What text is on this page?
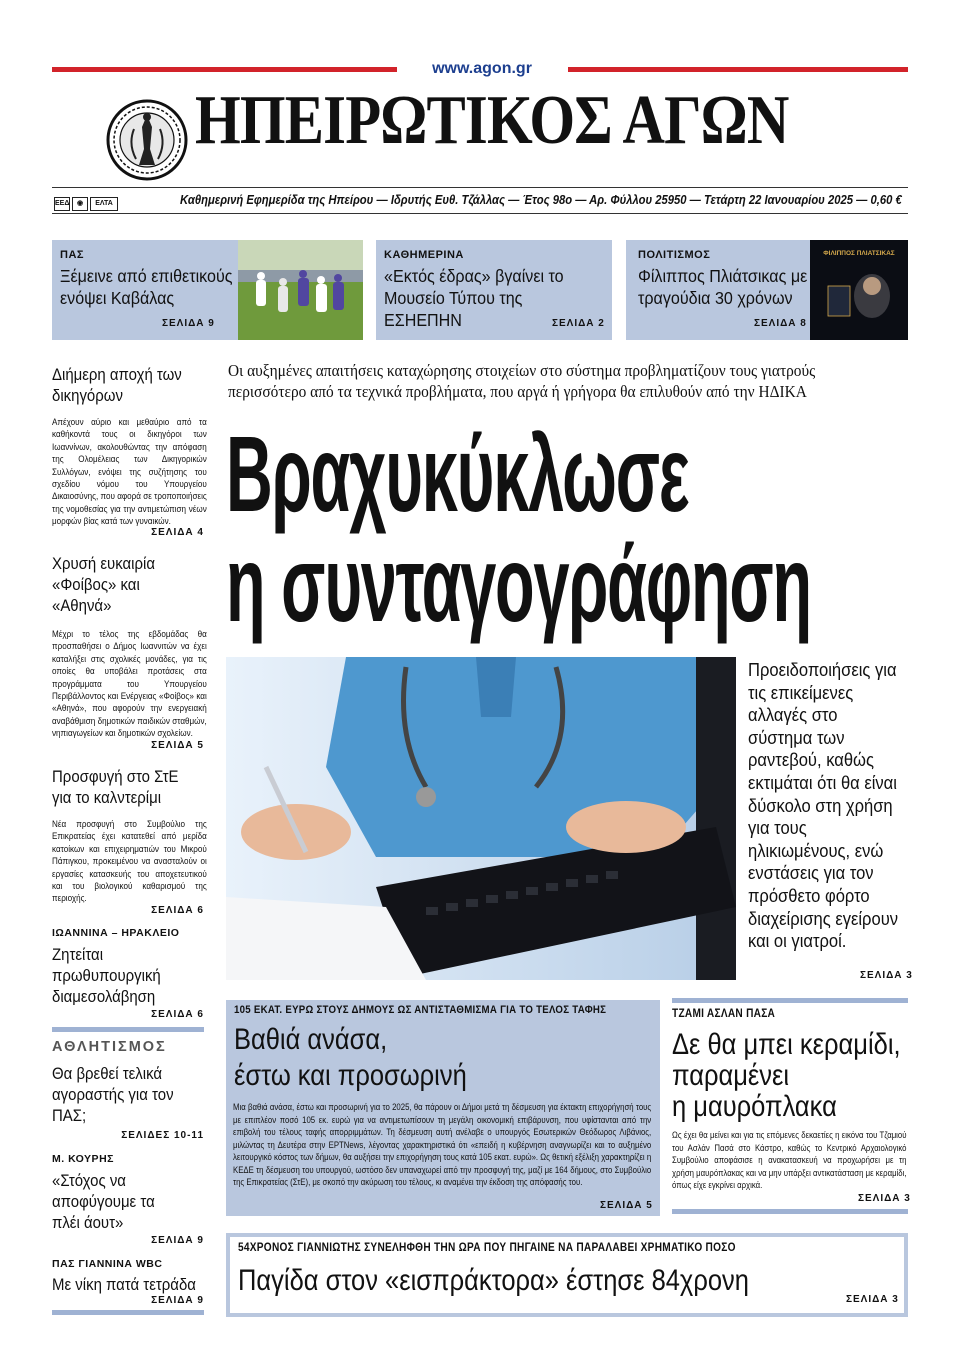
www.agon.gr
ΗΠΕΙΡΩΤΙΚΟΣ ΑΓΩΝ
ΕΕΔ ◉ ΕΛΤΑ	Καθημερινή Εφημερίδα της Ηπείρου — Ιδρυτής Ευθ. Τζάλλας — Έτος 98ο — Αρ. Φύλλου 25950 — Τετάρτη 22 Ιανουαρίου 2025 — 0,60 €
ΠΑΣ
Ξέμεινε από επιθετικούς ενόψει Καβάλας
ΣΕΛΙΔΑ 9
ΚΑΘΗΜΕΡΙΝΑ
«Εκτός έδρας» βγαίνει το Μουσείο Τύπου της ΕΣΗΕΠΗΝ	ΣΕΛΙΔΑ 2
ΠΟΛΙΤΙΣΜΟΣ
Φίλιππος Πλιάτσικας με τραγούδια 30 χρόνων
ΣΕΛΙΔΑ 8
ΦΙΛΙΠΠΟΣ ΠΛΙΑΤΣΙΚΑΣ
Διήμερη αποχή των δικηγόρων
Απέχουν αύριο και μεθαύριο από τα καθήκοντά τους οι δικηγόροι των Ιωαννίνων, ακολουθώντας την απόφαση της Ολομέλειας των Δικηγορικών Συλλόγων, ενόψει της συζήτησης του σχεδίου νόμου του Υπουργείου Δικαιοσύνης, που αφορά σε τροποποιήσεις της νομοθεσίας για την αντιμετώπιση νέων μορφών βίας κατά των γυναικών.
ΣΕΛΙΔΑ 4
Χρυσή ευκαιρία «Φοίβος» και «Αθηνά»
Μέχρι το τέλος της εβδομάδας θα προσπαθήσει ο Δήμος Ιωαννιτών να έχει καταλήξει στις σχολικές μονάδες, για τις οποίες θα υποβάλει προτάσεις στα προγράμματα του Υπουργείου Περιβάλλοντος και Ενέργειας «Φοίβος» και «Αθηνά», που αφορούν την ενεργειακή αναβάθμιση δημοτικών παιδικών σταθμών, νηπιαγωγείων και δημοτικών σχολείων.
ΣΕΛΙΔΑ 5
Προσφυγή στο ΣτΕ για το καλντερίμι
Νέα προσφυγή στο Συμβούλιο της Επικρατείας έχει κατατεθεί από μερίδα κατοίκων και επιχειρηματιών του Μικρού Πάπιγκου, προκειμένου να ανασταλούν οι εργασίες κατασκευής του αποχετευτικού και του βιολογικού καθαρισμού της περιοχής.
ΣΕΛΙΔΑ 6
ΙΩΑΝΝΙΝΑ – ΗΡΑΚΛΕΙΟ
Ζητείται πρωθυπουργική διαμεσολάβηση
ΣΕΛΙΔΑ 6
ΑΘΛΗΤΙΣΜΟΣ
Θα βρεθεί τελικά αγοραστής για τον ΠΑΣ;
ΣΕΛΙΔΕΣ 10-11
Μ. ΚΟΥΡΗΣ
«Στόχος να αποφύγουμε τα πλέι άουτ»
ΣΕΛΙΔΑ 9
ΠΑΣ ΓΙΑΝΝΙΝΑ WBC
Με νίκη πατά τετράδα
ΣΕΛΙΔΑ 9
Οι αυξημένες απαιτήσεις καταχώρησης στοιχείων στο σύστημα προβληματίζουν τους γιατρούς περισσότερο από τα τεχνικά προβλήματα, που αργά ή γρήγορα θα επιλυθούν από την ΗΔΙΚΑ
Βραχυκύκλωσε
η συνταγογράφηση
Προειδοποιήσεις για τις επικείμενες αλλαγές στο σύστημα των ραντεβού, καθώς εκτιμάται ότι θα είναι δύσκολο στη χρήση για τους ηλικιωμένους, ενώ ενστάσεις για τον πρόσθετο φόρτο διαχείρισης εγείρουν και οι γιατροί.
ΣΕΛΙΔΑ 3
105 ΕΚΑΤ. ΕΥΡΩ ΣΤΟΥΣ ΔΗΜΟΥΣ ΩΣ ΑΝΤΙΣΤΑΘΜΙΣΜΑ ΓΙΑ ΤΟ ΤΕΛΟΣ ΤΑΦΗΣ
Βαθιά ανάσα,
έστω και προσωρινή
Μια βαθιά ανάσα, έστω και προσωρινή για το 2025, θα πάρουν οι Δήμοι μετά τη δέσμευση για έκτακτη επιχορήγησή τους με επιπλέον ποσό 105 εκ. ευρώ για να αντιμετωπίσουν τη μεγάλη οικονομική επιβάρυνση, που υφίστανται από την επιβολή του τέλους ταφής απορριμμάτων. Τη δέσμευση αυτή ανέλαβε ο υπουργός Εσωτερικών Θεόδωρος Λιβάνιος, μιλώντας τη Δευτέρα στην ΕΡΤNews, λέγοντας χαρακτηριστικά ότι «επειδή η κυβέρνηση αναγνωρίζει και το αυξημένο λειτουργικό κόστος των δήμων, θα αυξήσει την επιχορήγηση τους κατά 105 εκατ. ευρώ». Ως θετική εξέλιξη χαρακτηρίζει η ΚΕΔΕ τη δέσμευση του υπουργού, ωστόσο δεν υπαναχωρεί από την προσφυγή της, μαζί με 164 δήμους, στο Συμβούλιο της Επικρατείας (ΣτΕ), με σκοπό την ακύρωση του τέλους, κι αναμένει την έκδοση της απόφασής του.
ΣΕΛΙΔΑ 5
ΤΖΑΜΙ ΑΣΛΑΝ ΠΑΣΑ
Δε θα μπει κεραμίδι,
παραμένει
η μαυρόπλακα
Ως έχει θα μείνει και για τις επόμενες δεκαετίες η εικόνα του Τζαμιού του Ασλάν Πασά στο Κάστρο, καθώς το Κεντρικό Αρχαιολογικό Συμβούλιο αποφάσισε η ανακατασκευή να προχωρήσει με τη χρήση μαυρόπλακας και να μην υπάρξει αντικατάσταση με κεραμίδι, όπως είχε εγκρίνει αρχικά.
ΣΕΛΙΔΑ 3
54ΧΡΟΝΟΣ ΓΙΑΝΝΙΩΤΗΣ ΣΥΝΕΛΗΦΘΗ ΤΗΝ ΩΡΑ ΠΟΥ ΠΗΓΑΙΝΕ ΝΑ ΠΑΡΑΛΑΒΕΙ ΧΡΗΜΑΤΙΚΟ ΠΟΣΟ
Παγίδα στον «εισπράκτορα» έστησε 84χρονη
ΣΕΛΙΔΑ 3
